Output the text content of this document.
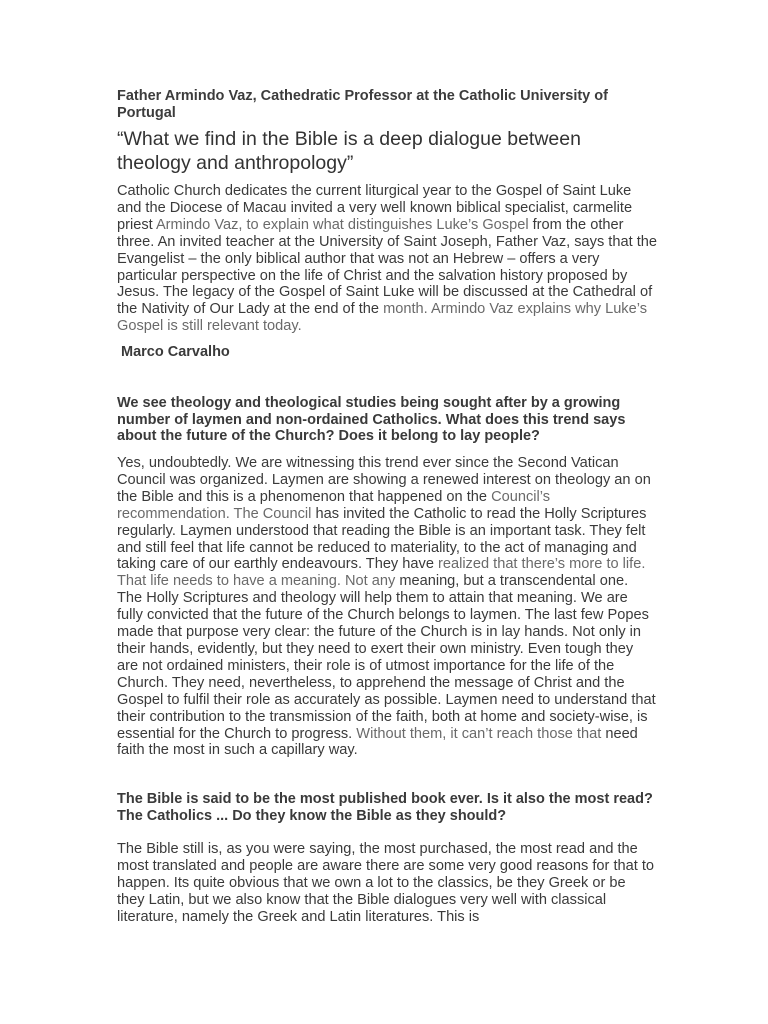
Father Armindo Vaz, Cathedratic Professor at the Catholic University of Portugal
“What we find in the Bible is a deep dialogue between theology and anthropology”
Catholic Church dedicates the current liturgical year to the Gospel of Saint Luke and the Diocese of Macau invited a very well known biblical specialist, carmelite priest Armindo Vaz, to explain what distinguishes Luke’s Gospel from the other three. An invited teacher at the University of Saint Joseph, Father Vaz, says that the Evangelist – the only biblical author that was not an Hebrew – offers a very particular perspective on the life of Christ and the salvation history proposed by Jesus. The legacy of the Gospel of Saint Luke will be discussed at the Cathedral of the Nativity of Our Lady at the end of the month. Armindo Vaz explains why Luke’s Gospel is still relevant today.
Marco Carvalho
We see theology and theological studies being sought after by a growing number of laymen and non-ordained Catholics. What does this trend says about the future of the Church? Does it belong to lay people?
Yes, undoubtedly. We are witnessing this trend ever since the Second Vatican Council was organized. Laymen are showing a renewed interest on theology an on the Bible and this is a phenomenon that happened on the Council’s recommendation. The Council has invited the Catholic to read the Holly Scriptures regularly. Laymen understood that reading the Bible is an important task. They felt and still feel that life cannot be reduced to materiality, to the act of managing and taking care of our earthly endeavours. They have realized that there’s more to life. That life needs to have a meaning. Not any meaning, but a transcendental one. The Holly Scriptures and theology will help them to attain that meaning. We are fully convicted that the future of the Church belongs to laymen. The last few Popes made that purpose very clear: the future of the Church is in lay hands. Not only in their hands, evidently, but they need to exert their own ministry. Even tough they are not ordained ministers, their role is of utmost importance for the life of the Church. They need, nevertheless, to apprehend the message of Christ and the Gospel to fulfil their role as accurately as possible. Laymen need to understand that their contribution to the transmission of the faith, both at home and society-wise, is essential for the Church to progress. Without them, it can’t reach those that need faith the most in such a capillary way.
The Bible is said to be the most published book ever. Is it also the most read? The Catholics ... Do they know the Bible as they should?
The Bible still is, as you were saying, the most purchased, the most read and the most translated and people are aware there are some very good reasons for that to happen. Its quite obvious that we own a lot to the classics, be they Greek or be they Latin, but we also know that the Bible dialogues very well with classical literature, namely the Greek and Latin literatures. This is
